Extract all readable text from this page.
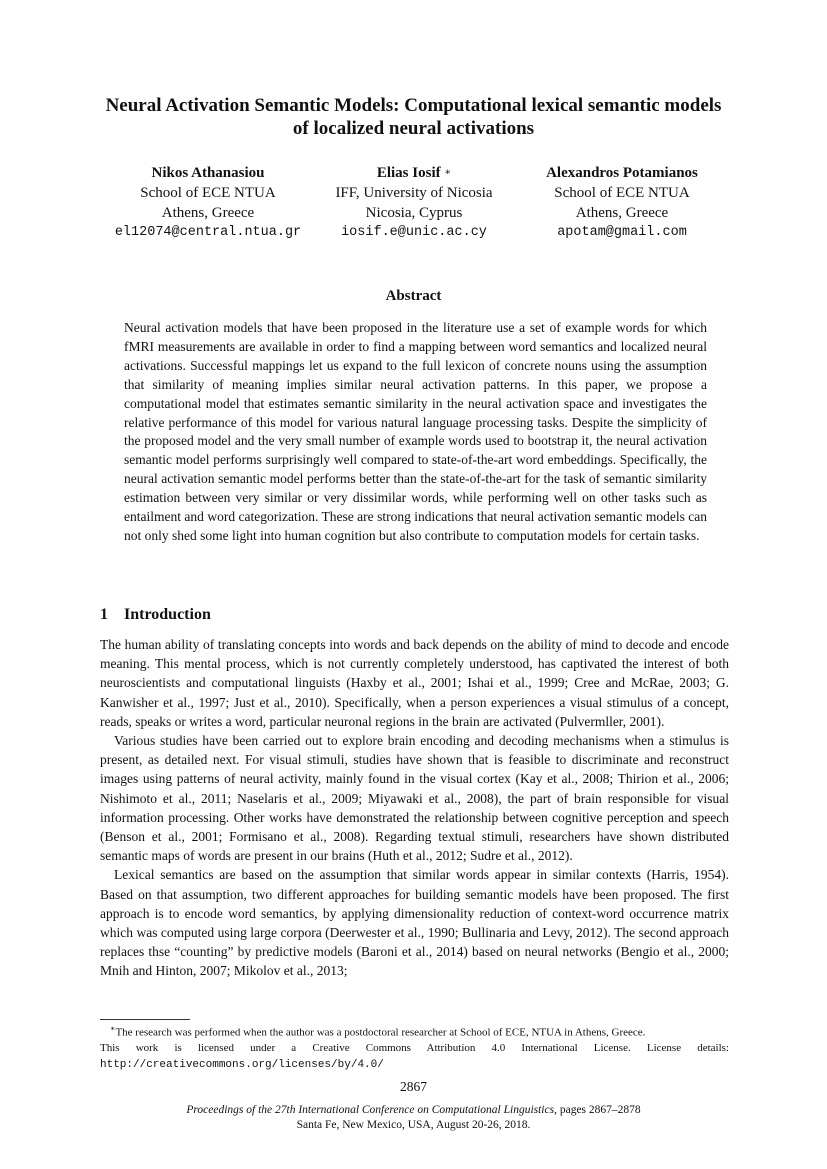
Neural Activation Semantic Models: Computational lexical semantic models of localized neural activations
Nikos Athanasiou
School of ECE NTUA
Athens, Greece
el12074@central.ntua.gr
Elias Iosif ∗
IFF, University of Nicosia
Nicosia, Cyprus
iosif.e@unic.ac.cy
Alexandros Potamianos
School of ECE NTUA
Athens, Greece
apotam@gmail.com
Abstract

Neural activation models that have been proposed in the literature use a set of example words for which fMRI measurements are available in order to find a mapping between word semantics and localized neural activations. Successful mappings let us expand to the full lexicon of concrete nouns using the assumption that similarity of meaning implies similar neural activation patterns. In this paper, we propose a computational model that estimates semantic similarity in the neural activation space and investigates the relative performance of this model for various natural language processing tasks. Despite the simplicity of the proposed model and the very small number of example words used to bootstrap it, the neural activation semantic model performs surprisingly well compared to state-of-the-art word embeddings. Specifically, the neural activation semantic model performs better than the state-of-the-art for the task of semantic similarity estimation between very similar or very dissimilar words, while performing well on other tasks such as entailment and word categorization. These are strong indications that neural activation semantic models can not only shed some light into human cognition but also contribute to computation models for certain tasks.

1 Introduction

The human ability of translating concepts into words and back depends on the ability of mind to decode and encode meaning. This mental process, which is not currently completely understood, has captivated the interest of both neuroscientists and computational linguists (Haxby et al., 2001; Ishai et al., 1999; Cree and McRae, 2003; G. Kanwisher et al., 1997; Just et al., 2010). Specifically, when a person experiences a visual stimulus of a concept, reads, speaks or writes a word, particular neuronal regions in the brain are activated (Pulvermller, 2001).

Various studies have been carried out to explore brain encoding and decoding mechanisms when a stimulus is present, as detailed next. For visual stimuli, studies have shown that is feasible to discriminate and reconstruct images using patterns of neural activity, mainly found in the visual cortex (Kay et al., 2008; Thirion et al., 2006; Nishimoto et al., 2011; Naselaris et al., 2009; Miyawaki et al., 2008), the part of brain responsible for visual information processing. Other works have demonstrated the relationship between cognitive perception and speech (Benson et al., 2001; Formisano et al., 2008). Regarding textual stimuli, researchers have shown distributed semantic maps of words are present in our brains (Huth et al., 2012; Sudre et al., 2012).

Lexical semantics are based on the assumption that similar words appear in similar contexts (Harris, 1954). Based on that assumption, two different approaches for building semantic models have been proposed. The first approach is to encode word semantics, by applying dimensionality reduction of context-word occurrence matrix which was computed using large corpora (Deerwester et al., 1990; Bullinaria and Levy, 2012). The second approach replaces thse “counting” by predictive models (Baroni et al., 2014) based on neural networks (Bengio et al., 2000; Mnih and Hinton, 2007; Mikolov et al., 2013;

∗The research was performed when the author was a postdoctoral researcher at School of ECE, NTUA in Athens, Greece.

This work is licensed under a Creative Commons Attribution 4.0 International License. License details: http://creativecommons.org/licenses/by/4.0/

2867
Proceedings of the 27th International Conference on Computational Linguistics, pages 2867–2878
Santa Fe, New Mexico, USA, August 20-26, 2018.
